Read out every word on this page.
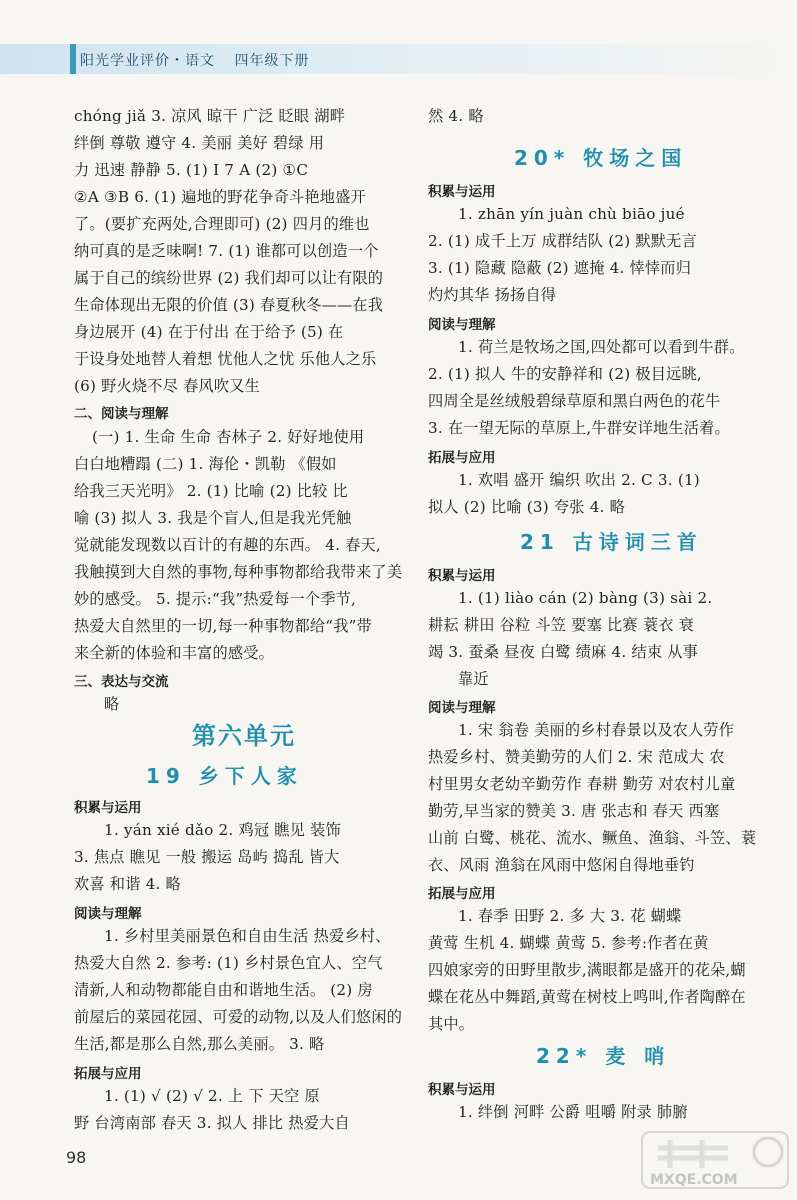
阳光学业评价・语文 四年级下册
chóng jiǎ 3. 凉风 晾干 广泛 眨眼 湖畔
绊倒 尊敬 遵守 4. 美丽 美好 碧绿 用
力 迅速 静静 5. (1) Ⅰ 7 A (2) ①C
②A ③B 6. (1) 遍地的野花争奇斗艳地盛开
了。(要扩充两处,合理即可) (2) 四月的维也
纳可真的是乏味啊! 7. (1) 谁都可以创造一个
属于自己的缤纷世界 (2) 我们却可以让有限的
生命体现出无限的价值 (3) 春夏秋冬——在我
身边展开 (4) 在于付出 在于给予 (5) 在
于设身处地替人着想 忧他人之忧 乐他人之乐
(6) 野火烧不尽 春风吹又生
二、阅读与理解
(一) 1. 生命 生命 杏林子 2. 好好地使用
白白地糟蹋 (二) 1. 海伦・凯勒 《假如
给我三天光明》 2. (1) 比喻 (2) 比较 比
喻 (3) 拟人 3. 我是个盲人,但是我光凭触
觉就能发现数以百计的有趣的东西。 4. 春天,
我触摸到大自然的事物,每种事物都给我带来了美
妙的感受。 5. 提示:“我”热爱每一个季节,
热爱大自然里的一切,每一种事物都给“我”带
来全新的体验和丰富的感受。
三、表达与交流
略
第六单元
19 乡下人家
积累与运用
1. yán xié dǎo 2. 鸡冠 瞧见 装饰
3. 焦点 瞧见 一般 搬运 岛屿 捣乱 皆大
欢喜 和谐 4. 略
阅读与理解
1. 乡村里美丽景色和自由生活 热爱乡村、
热爱大自然 2. 参考: (1) 乡村景色宜人、空气
清新,人和动物都能自由和谐地生活。 (2) 房
前屋后的菜园花园、可爱的动物,以及人们悠闲的
生活,都是那么自然,那么美丽。 3. 略
拓展与应用
1. (1) √ (2) √ 2. 上 下 天空 原
野 台湾南部 春天 3. 拟人 排比 热爱大自
然 4. 略
20* 牧场之国
积累与运用
1. zhān yín juàn chù biāo jué
2. (1) 成千上万 成群结队 (2) 默默无言
3. (1) 隐藏 隐蔽 (2) 遮掩 4. 悻悻而归
灼灼其华 扬扬自得
阅读与理解
1. 荷兰是牧场之国,四处都可以看到牛群。
2. (1) 拟人 牛的安静祥和 (2) 极目远眺,
四周全是丝绒般碧绿草原和黑白两色的花牛
3. 在一望无际的草原上,牛群安详地生活着。
拓展与应用
1. 欢唱 盛开 编织 吹出 2. C 3. (1)
拟人 (2) 比喻 (3) 夸张 4. 略
21 古诗词三首
积累与运用
1. (1) liào cán (2) bàng (3) sài 2.
耕耘 耕田 谷粒 斗笠 要塞 比赛 蓑衣 衰
竭 3. 蚕桑 昼夜 白鹭 绩麻 4. 结束 从事
靠近
阅读与理解
1. 宋 翁卷 美丽的乡村春景以及农人劳作
热爱乡村、赞美勤劳的人们 2. 宋 范成大 农
村里男女老幼辛勤劳作 春耕 勤劳 对农村儿童
勤劳,早当家的赞美 3. 唐 张志和 春天 西塞
山前 白鹭、桃花、流水、鳜鱼、渔翁、斗笠、蓑
衣、风雨 渔翁在风雨中悠闲自得地垂钓
拓展与应用
1. 春季 田野 2. 多 大 3. 花 蝴蝶
黄莺 生机 4. 蝴蝶 黄莺 5. 参考:作者在黄
四娘家旁的田野里散步,满眼都是盛开的花朵,蝴
蝶在花丛中舞蹈,黄莺在树枝上鸣叫,作者陶醉在
其中。
22* 麦 哨
积累与运用
1. 绊倒 河畔 公爵 咀嚼 附录 肺腑
98
MXQE.COM
